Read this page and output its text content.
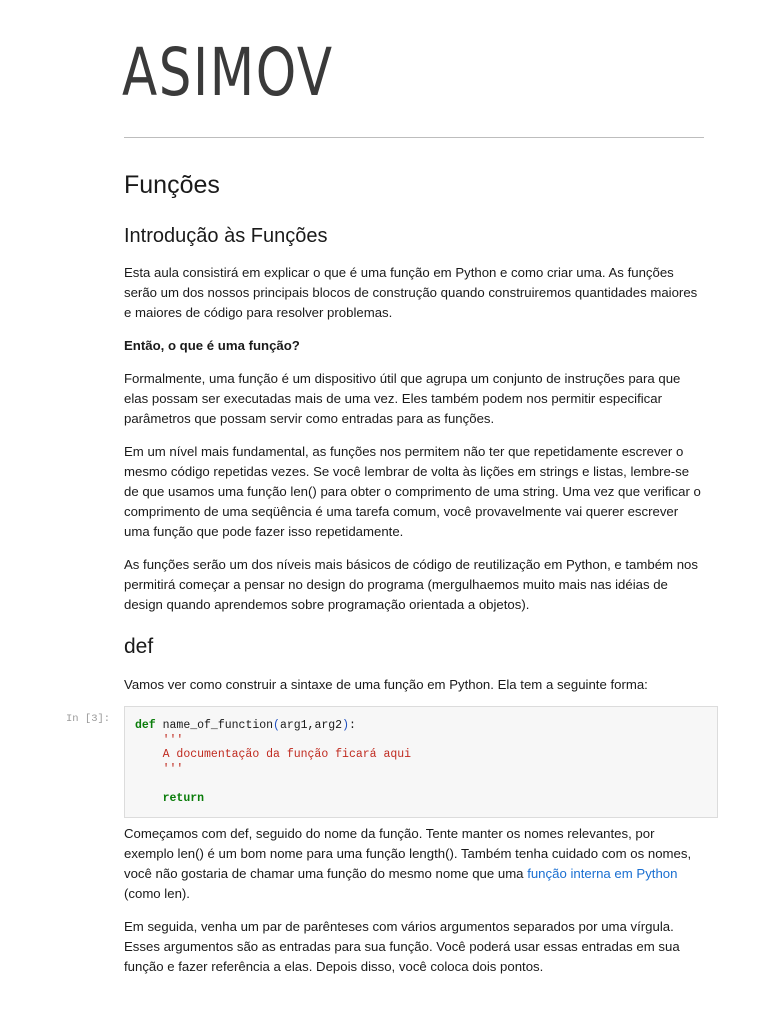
ASIMOV
Funções
Introdução às Funções
Esta aula consistirá em explicar o que é uma função em Python e como criar uma. As funções serão um dos nossos principais blocos de construção quando construiremos quantidades maiores e maiores de código para resolver problemas.
Então, o que é uma função?
Formalmente, uma função é um dispositivo útil que agrupa um conjunto de instruções para que elas possam ser executadas mais de uma vez. Eles também podem nos permitir especificar parâmetros que possam servir como entradas para as funções.
Em um nível mais fundamental, as funções nos permitem não ter que repetidamente escrever o mesmo código repetidas vezes. Se você lembrar de volta às lições em strings e listas, lembre-se de que usamos uma função len() para obter o comprimento de uma string. Uma vez que verificar o comprimento de uma seqüência é uma tarefa comum, você provavelmente vai querer escrever uma função que pode fazer isso repetidamente.
As funções serão um dos níveis mais básicos de código de reutilização em Python, e também nos permitirá começar a pensar no design do programa (mergulhaemos muito mais nas idéias de design quando aprendemos sobre programação orientada a objetos).
def
Vamos ver como construir a sintaxe de uma função em Python. Ela tem a seguinte forma:
In [3]: def name_of_function(arg1,arg2):
'''
A documentação da função ficará aqui
'''

return
Começamos com def, seguido do nome da função. Tente manter os nomes relevantes, por exemplo len() é um bom nome para uma função length(). Também tenha cuidado com os nomes, você não gostaria de chamar uma função do mesmo nome que uma função interna em Python (como len).
Em seguida, venha um par de parênteses com vários argumentos separados por uma vírgula. Esses argumentos são as entradas para sua função. Você poderá usar essas entradas em sua função e fazer referência a elas. Depois disso, você coloca dois pontos.
